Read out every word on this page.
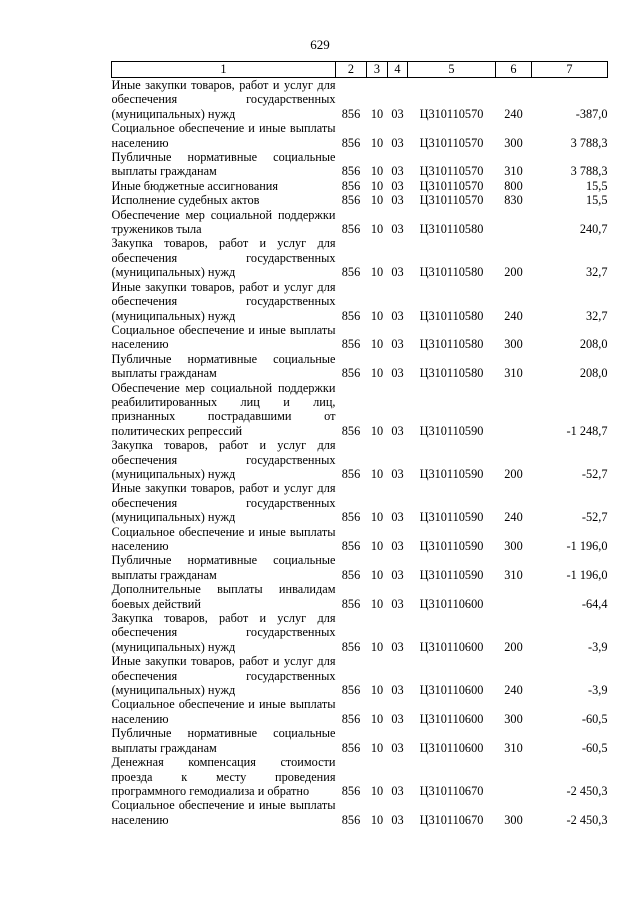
629
1	2	3	4	5	6	7
Иные закупки товаров, работ и услуг для обеспечения государственных (муниципальных) нужд	856	10	03	Ц310110570	240	-387,0
Социальное обеспечение и иные выплаты населению	856	10	03	Ц310110570	300	3 788,3
Публичные нормативные социальные выплаты гражданам	856	10	03	Ц310110570	310	3 788,3
Иные бюджетные ассигнования	856	10	03	Ц310110570	800	15,5
Исполнение судебных актов	856	10	03	Ц310110570	830	15,5
Обеспечение мер социальной поддержки тружеников тыла	856	10	03	Ц310110580		240,7
Закупка товаров, работ и услуг для обеспечения государственных (муниципальных) нужд	856	10	03	Ц310110580	200	32,7
Иные закупки товаров, работ и услуг для обеспечения государственных (муниципальных) нужд	856	10	03	Ц310110580	240	32,7
Социальное обеспечение и иные выплаты населению	856	10	03	Ц310110580	300	208,0
Публичные нормативные социальные выплаты гражданам	856	10	03	Ц310110580	310	208,0
Обеспечение мер социальной поддержки реабилитированных лиц и лиц, признанных пострадавшими от политических репрессий	856	10	03	Ц310110590		-1 248,7
Закупка товаров, работ и услуг для обеспечения государственных (муниципальных) нужд	856	10	03	Ц310110590	200	-52,7
Иные закупки товаров, работ и услуг для обеспечения государственных (муниципальных) нужд	856	10	03	Ц310110590	240	-52,7
Социальное обеспечение и иные выплаты населению	856	10	03	Ц310110590	300	-1 196,0
Публичные нормативные социальные выплаты гражданам	856	10	03	Ц310110590	310	-1 196,0
Дополнительные выплаты инвалидам боевых действий	856	10	03	Ц310110600		-64,4
Закупка товаров, работ и услуг для обеспечения государственных (муниципальных) нужд	856	10	03	Ц310110600	200	-3,9
Иные закупки товаров, работ и услуг для обеспечения государственных (муниципальных) нужд	856	10	03	Ц310110600	240	-3,9
Социальное обеспечение и иные выплаты населению	856	10	03	Ц310110600	300	-60,5
Публичные нормативные социальные выплаты гражданам	856	10	03	Ц310110600	310	-60,5
Денежная компенсация стоимости проезда к месту проведения программного гемодиализа и обратно	856	10	03	Ц310110670		-2 450,3
Социальное обеспечение и иные выплаты населению	856	10	03	Ц310110670	300	-2 450,3
